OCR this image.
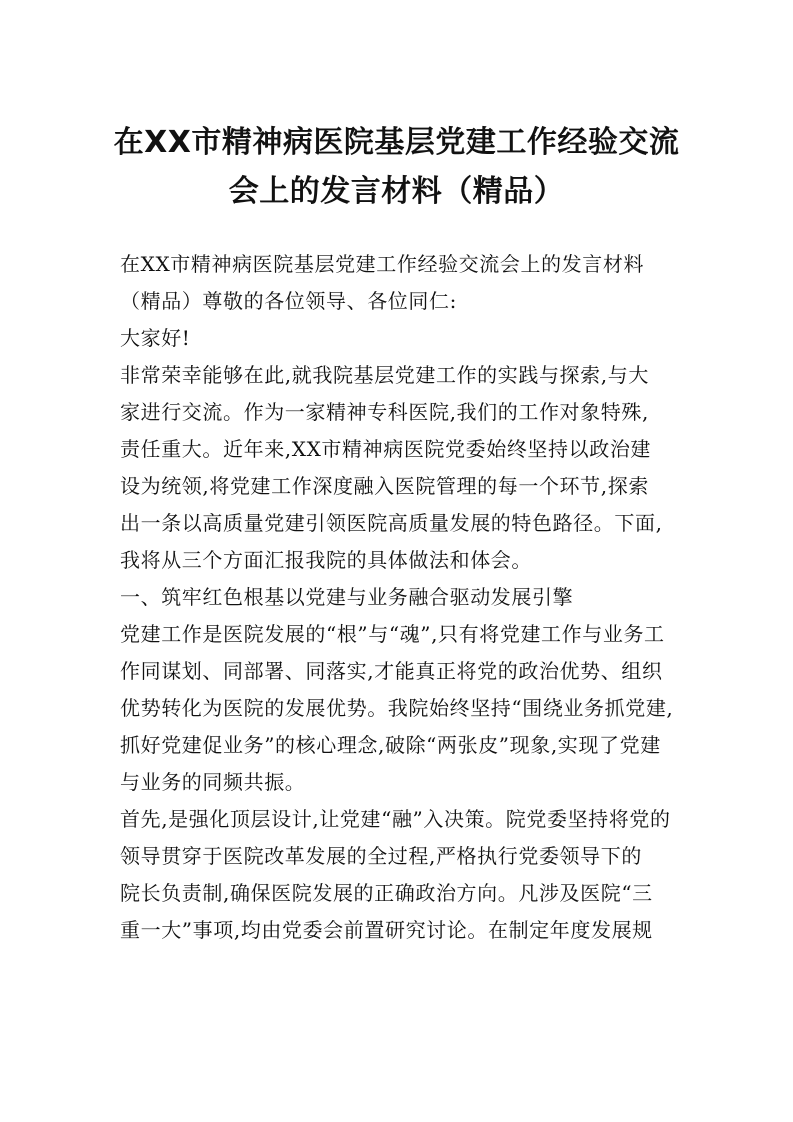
在XX市精神病医院基层党建工作经验交流
会上的发言材料（精品）
在XX市精神病医院基层党建工作经验交流会上的发言材料
（精品）尊敬的各位领导、各位同仁:
大家好!
非常荣幸能够在此,就我院基层党建工作的实践与探索,与大
家进行交流。作为一家精神专科医院,我们的工作对象特殊,
责任重大。近年来,XX市精神病医院党委始终坚持以政治建
设为统领,将党建工作深度融入医院管理的每一个环节,探索
出一条以高质量党建引领医院高质量发展的特色路径。下面,
我将从三个方面汇报我院的具体做法和体会。
一、筑牢红色根基以党建与业务融合驱动发展引擎
党建工作是医院发展的“根”与“魂”,只有将党建工作与业务工
作同谋划、同部署、同落实,才能真正将党的政治优势、组织
优势转化为医院的发展优势。我院始终坚持“围绕业务抓党建,
抓好党建促业务”的核心理念,破除“两张皮”现象,实现了党建
与业务的同频共振。
首先,是强化顶层设计,让党建“融”入决策。院党委坚持将党的
领导贯穿于医院改革发展的全过程,严格执行党委领导下的
院长负责制,确保医院发展的正确政治方向。凡涉及医院“三
重一大”事项,均由党委会前置研究讨论。在制定年度发展规
